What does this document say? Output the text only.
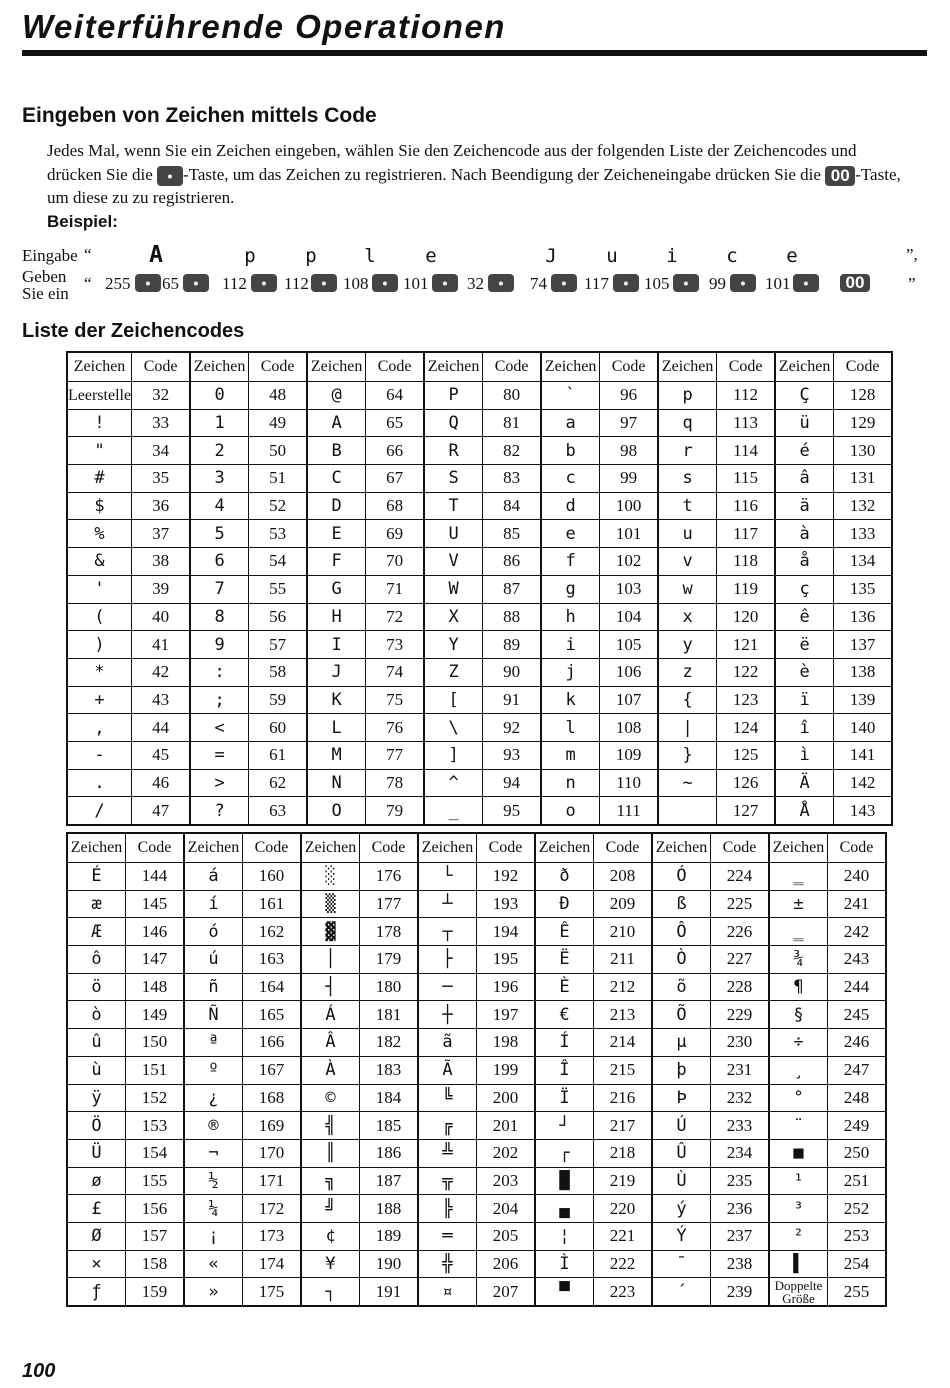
Weiterführende Operationen
Eingeben von Zeichen mittels Code
Jedes Mal, wenn Sie ein Zeichen eingeben, wählen Sie den Zeichencode aus der folgenden Liste der Zeichencodes und drücken Sie die • -Taste, um das Zeichen zu registrieren. Nach Beendigung der Zeicheneingabe drücken Sie die 00 -Taste, um diese zu zu registrieren.
Beispiel:
Eingabe “	A	p	p	l	e	J	u	i	c	e	”,
Geben
Sie ein
“ 255	• 65	•	112	•	112 • 108	• 101	•	32	•	74	•	117	• 105	•	99	•	101 •	00	”
Liste der Zeichencodes
Zeichen	Code	Zeichen	Code	Zeichen	Code	Zeichen	Code	Zeichen	Code	Zeichen	Code	Zeichen	Code
Leerstelle	32	0	48	@	64	P	80	`	96	p	112	Ç	128
!	33	1	49	A	65	Q	81	a	97	q	113	ü	129
"	34	2	50	B	66	R	82	b	98	r	114	é	130
#	35	3	51	C	67	S	83	c	99	s	115	â	131
$	36	4	52	D	68	T	84	d	100	t	116	ä	132
%	37	5	53	E	69	U	85	e	101	u	117	à	133
&	38	6	54	F	70	V	86	f	102	v	118	å	134
'	39	7	55	G	71	W	87	g	103	w	119	ç	135
(	40	8	56	H	72	X	88	h	104	x	120	ê	136
)	41	9	57	I	73	Y	89	i	105	y	121	ë	137
*	42	:	58	J	74	Z	90	j	106	z	122	è	138
+	43	;	59	K	75	[	91	k	107	{	123	ï	139
,	44	<	60	L	76	\	92	l	108	|	124	î	140
-	45	=	61	M	77	]	93	m	109	}	125	ì	141
.	46	>	62	N	78	^	94	n	110	~	126	Ä	142
/	47	?	63	O	79	_	95	o	111		127	Å	143
Zeichen	Code	Zeichen	Code	Zeichen	Code	Zeichen	Code	Zeichen	Code	Zeichen	Code	Zeichen	Code
É	144	á	160	░	176	└	192	ð	208	Ó	224	‗	240
æ	145	í	161	▒	177	┴	193	Ð	209	ß	225	±	241
Æ	146	ó	162	▓	178	┬	194	Ê	210	Ô	226	‗	242
ô	147	ú	163	│	179	├	195	Ë	211	Ò	227	¾	243
ö	148	ñ	164	┤	180	─	196	È	212	õ	228	¶	244
ò	149	Ñ	165	Á	181	┼	197	€	213	Õ	229	§	245
û	150	ª	166	Â	182	ã	198	Í	214	µ	230	÷	246
ù	151	º	167	À	183	Ã	199	Î	215	þ	231	¸	247
ÿ	152	¿	168	©	184	╚	200	Ï	216	Þ	232	°	248
Ö	153	®	169	╣	185	╔	201	┘	217	Ú	233	¨	249
Ü	154	¬	170	║	186	╩	202	┌	218	Û	234	■	250
ø	155	½	171	╗	187	╦	203	█	219	Ù	235	¹	251
£	156	¼	172	╝	188	╠	204	▄	220	ý	236	³	252
Ø	157	¡	173	¢	189	═	205	¦	221	Ý	237	²	253
×	158	«	174	¥	190	╬	206	Ì	222	¯	238	▌	254
ƒ	159	»	175	┐	191	¤	207	▀	223	´	239	Doppelte
Größe	255
100
